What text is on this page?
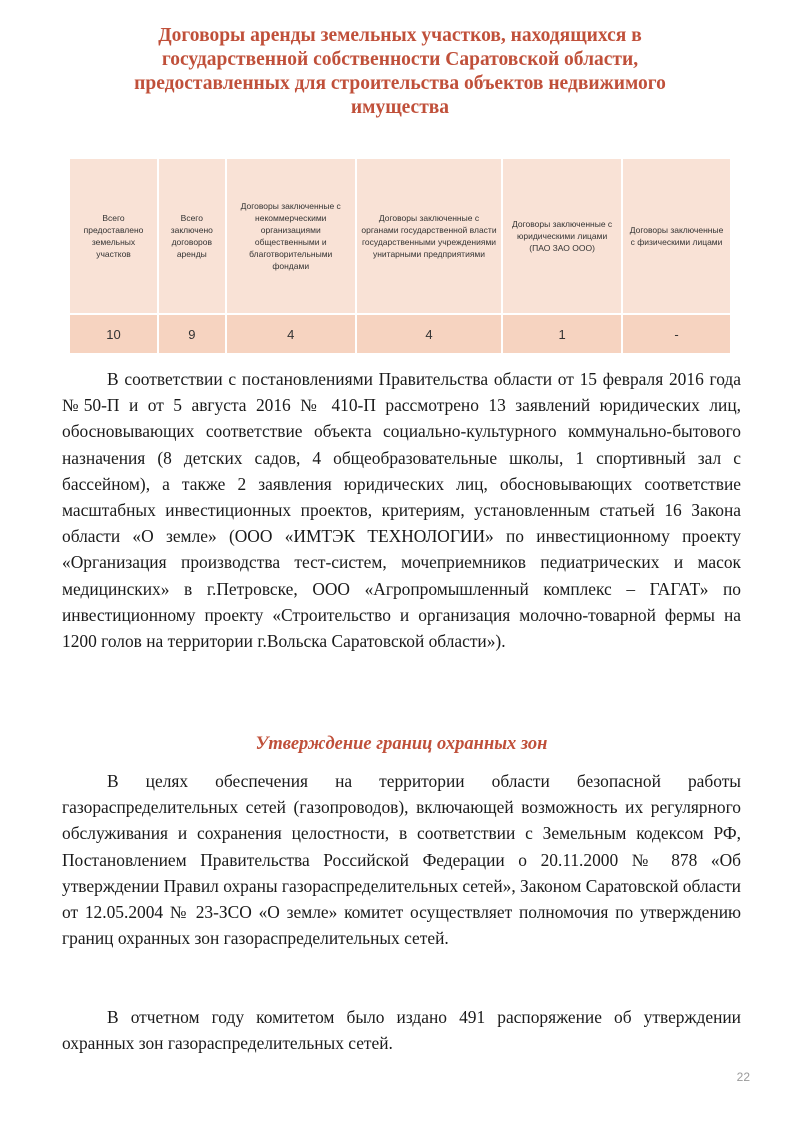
Договоры аренды земельных участков, находящихся в государственной собственности Саратовской области, предоставленных для строительства объектов недвижимого имущества
Всего предоставлено земельных участков	Всего заключено договоров аренды	Договоры заключенные с некоммерческими организациями общественными и благотворительными фондами	Договоры заключенные с органами государственной власти государственными учреждениями унитарными предприятиями	Договоры заключенные с юридическими лицами (ПАО ЗАО ООО)	Договоры заключенные с физическими лицами
10	9	4	4	1	-

В соответствии с постановлениями Правительства области от 15 февраля 2016 года №50-П и от 5 августа 2016 № 410-П рассмотрено 13 заявлений юридических лиц, обосновывающих соответствие объекта социально-культурного коммунально-бытового назначения (8 детских садов, 4 общеобразовательные школы, 1 спортивный зал с бассейном), а также 2 заявления юридических лиц, обосновывающих соответствие масштабных инвестиционных проектов, критериям, установленным статьей 16 Закона области «О земле» (ООО «ИМТЭК ТЕХНОЛОГИИ» по инвестиционному проекту «Организация производства тест-систем, мочеприемников педиатрических и масок медицинских» в г.Петровске, ООО «Агропромышленный комплекс – ГАГАТ» по инвестиционному проекту «Строительство и организация молочно-товарной фермы на 1200 голов на территории г.Вольска Саратовской области»).

Утверждение границ охранных зон

В целях обеспечения на территории области безопасной работы газораспределительных сетей (газопроводов), включающей возможность их регулярного обслуживания и сохранения целостности, в соответствии с Земельным кодексом РФ, Постановлением Правительства Российской Федерации о 20.11.2000 № 878 «Об утверждении Правил охраны газораспределительных сетей», Законом Саратовской области от 12.05.2004 № 23-ЗСО «О земле» комитет осуществляет полномочия по утверждению границ охранных зон газораспределительных сетей.

В отчетном году комитетом было издано 491 распоряжение об утверждении охранных зон газораспределительных сетей.

22
